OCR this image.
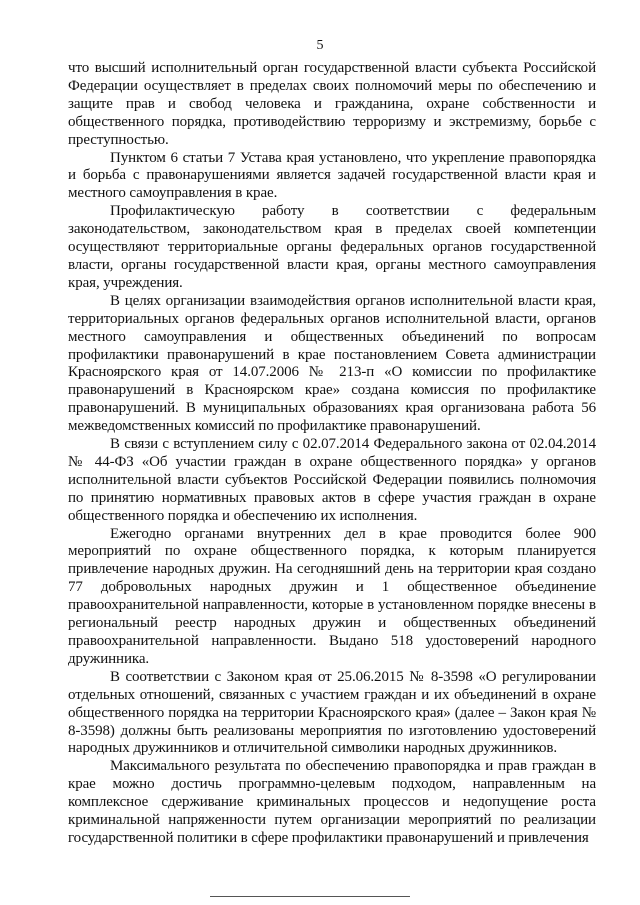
5

что высший исполнительный орган государственной власти субъекта Российской Федерации осуществляет в пределах своих полномочий меры по обеспечению и защите прав и свобод человека и гражданина, охране собственности и общественного порядка, противодействию терроризму и экстремизму, борьбе с преступностью.

Пунктом 6 статьи 7 Устава края установлено, что укрепление правопорядка и борьба с правонарушениями является задачей государственной власти края и местного самоуправления в крае.

Профилактическую работу в соответствии с федеральным законодательством, законодательством края в пределах своей компетенции осуществляют территориальные органы федеральных органов государственной власти, органы государственной власти края, органы местного самоуправления края, учреждения.

В целях организации взаимодействия органов исполнительной власти края, территориальных органов федеральных органов исполнительной власти, органов местного самоуправления и общественных объединений по вопросам профилактики правонарушений в крае постановлением Совета администрации Красноярского края от 14.07.2006 № 213-п «О комиссии по профилактике правонарушений в Красноярском крае» создана комиссия по профилактике правонарушений. В муниципальных образованиях края организована работа 56 межведомственных комиссий по профилактике правонарушений.

В связи с вступлением силу с 02.07.2014 Федерального закона от 02.04.2014 № 44-ФЗ «Об участии граждан в охране общественного порядка» у органов исполнительной власти субъектов Российской Федерации появились полномочия по принятию нормативных правовых актов в сфере участия граждан в охране общественного порядка и обеспечению их исполнения.

Ежегодно органами внутренних дел в крае проводится более 900 мероприятий по охране общественного порядка, к которым планируется привлечение народных дружин. На сегодняшний день на территории края создано 77 добровольных народных дружин и 1 общественное объединение правоохранительной направленности, которые в установленном порядке внесены в региональный реестр народных дружин и общественных объединений правоохранительной направленности. Выдано 518 удостоверений народного дружинника.

В соответствии с Законом края от 25.06.2015 № 8-3598 «О регулировании отдельных отношений, связанных с участием граждан и их объединений в охране общественного порядка на территории Красноярского края» (далее – Закон края № 8-3598) должны быть реализованы мероприятия по изготовлению удостоверений народных дружинников и отличительной символики народных дружинников.

Максимального результата по обеспечению правопорядка и прав граждан в крае можно достичь программно-целевым подходом, направленным на комплексное сдерживание криминальных процессов и недопущение роста криминальной напряженности путем организации мероприятий по реализации государственной политики в сфере профилактики правонарушений и привлечения
